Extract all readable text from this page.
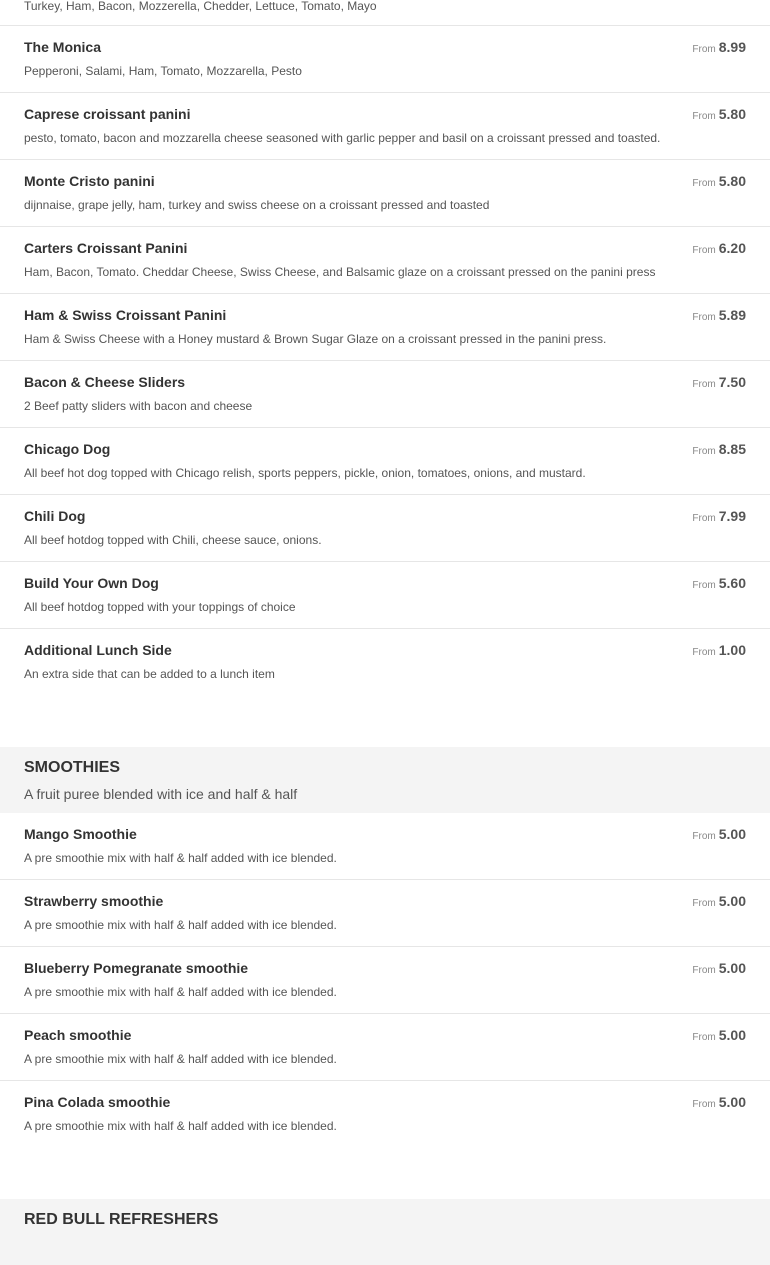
Turkey, Ham, Bacon, Mozzerella, Chedder, Lettuce, Tomato, Mayo
The Monica	From 8.99
Pepperoni, Salami, Ham, Tomato, Mozzarella, Pesto
Caprese croissant panini	From 5.80
pesto, tomato, bacon and mozzarella cheese seasoned with garlic pepper and basil on a croissant pressed and toasted.
Monte Cristo panini	From 5.80
dijnnaise, grape jelly, ham, turkey and swiss cheese on a croissant pressed and toasted
Carters Croissant Panini	From 6.20
Ham, Bacon, Tomato. Cheddar Cheese, Swiss Cheese, and Balsamic glaze on a croissant pressed on the panini press
Ham & Swiss Croissant Panini	From 5.89
Ham & Swiss Cheese with a Honey mustard & Brown Sugar Glaze on a croissant pressed in the panini press.
Bacon & Cheese Sliders	From 7.50
2 Beef patty sliders with bacon and cheese
Chicago Dog	From 8.85
All beef hot dog topped with Chicago relish, sports peppers, pickle, onion, tomatoes, onions, and mustard.
Chili Dog	From 7.99
All beef hotdog topped with Chili, cheese sauce, onions.
Build Your Own Dog	From 5.60
All beef hotdog topped with your toppings of choice
Additional Lunch Side	From 1.00
An extra side that can be added to a lunch item
SMOOTHIES
A fruit puree blended with ice and half & half
Mango Smoothie	From 5.00
A pre smoothie mix with half & half added with ice blended.
Strawberry smoothie	From 5.00
A pre smoothie mix with half & half added with ice blended.
Blueberry Pomegranate smoothie	From 5.00
A pre smoothie mix with half & half added with ice blended.
Peach smoothie	From 5.00
A pre smoothie mix with half & half added with ice blended.
Pina Colada smoothie	From 5.00
A pre smoothie mix with half & half added with ice blended.
RED BULL REFRESHERS
